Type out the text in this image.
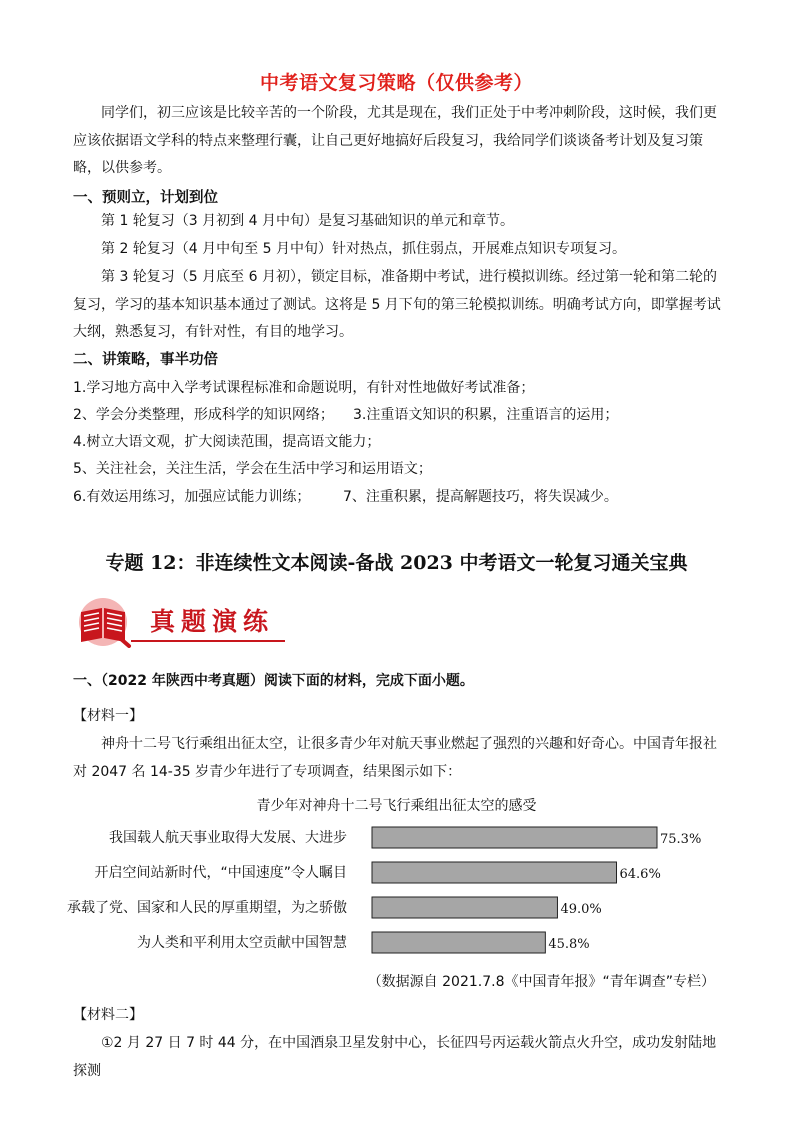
中考语文复习策略（仅供参考）
同学们，初三应该是比较辛苦的一个阶段，尤其是现在，我们正处于中考冲刺阶段，这时候，我们更应该依据语文学科的特点来整理行囊，让自己更好地搞好后段复习，我给同学们谈谈备考计划及复习策略，以供参考。
一、预则立，计划到位
第 1 轮复习（3 月初到 4 月中旬）是复习基础知识的单元和章节。
第 2 轮复习（4 月中旬至 5 月中旬）针对热点，抓住弱点，开展难点知识专项复习。
第 3 轮复习（5 月底至 6 月初），锁定目标，准备期中考试，进行模拟训练。经过第一轮和第二轮的复习，学习的基本知识基本通过了测试。这将是 5 月下旬的第三轮模拟训练。明确考试方向，即掌握考试大纲，熟悉复习，有针对性，有目的地学习。
二、讲策略，事半功倍
1.学习地方高中入学考试课程标准和命题说明，有针对性地做好考试准备；
2、学会分类整理，形成科学的知识网络； 3.注重语文知识的积累，注重语言的运用；
4.树立大语文观，扩大阅读范围，提高语文能力；
5、关注社会，关注生活，学会在生活中学习和运用语文；
6.有效运用练习，加强应试能力训练； 7、注重积累，提高解题技巧，将失误减少。
专题 12：非连续性文本阅读-备战 2023 中考语文一轮复习通关宝典
真题演练
一、（2022 年陕西中考真题）阅读下面的材料，完成下面小题。
【材料一】
神舟十二号飞行乘组出征太空，让很多青少年对航天事业燃起了强烈的兴趣和好奇心。中国青年报社对 2047 名 14-35 岁青少年进行了专项调查，结果图示如下：
青少年对神舟十二号飞行乘组出征太空的感受
我国载人航天事业取得大发展、大进步	75.3%
开启空间站新时代，“中国速度”令人瞩目	64.6%
承载了党、国家和人民的厚重期望，为之骄傲	49.0%
为人类和平利用太空贡献中国智慧	45.8%
（数据源自 2021.7.8《中国青年报》“青年调查”专栏）
【材料二】
①2 月 27 日 7 时 44 分，在中国酒泉卫星发射中心，长征四号丙运载火箭点火升空，成功发射陆地探测
